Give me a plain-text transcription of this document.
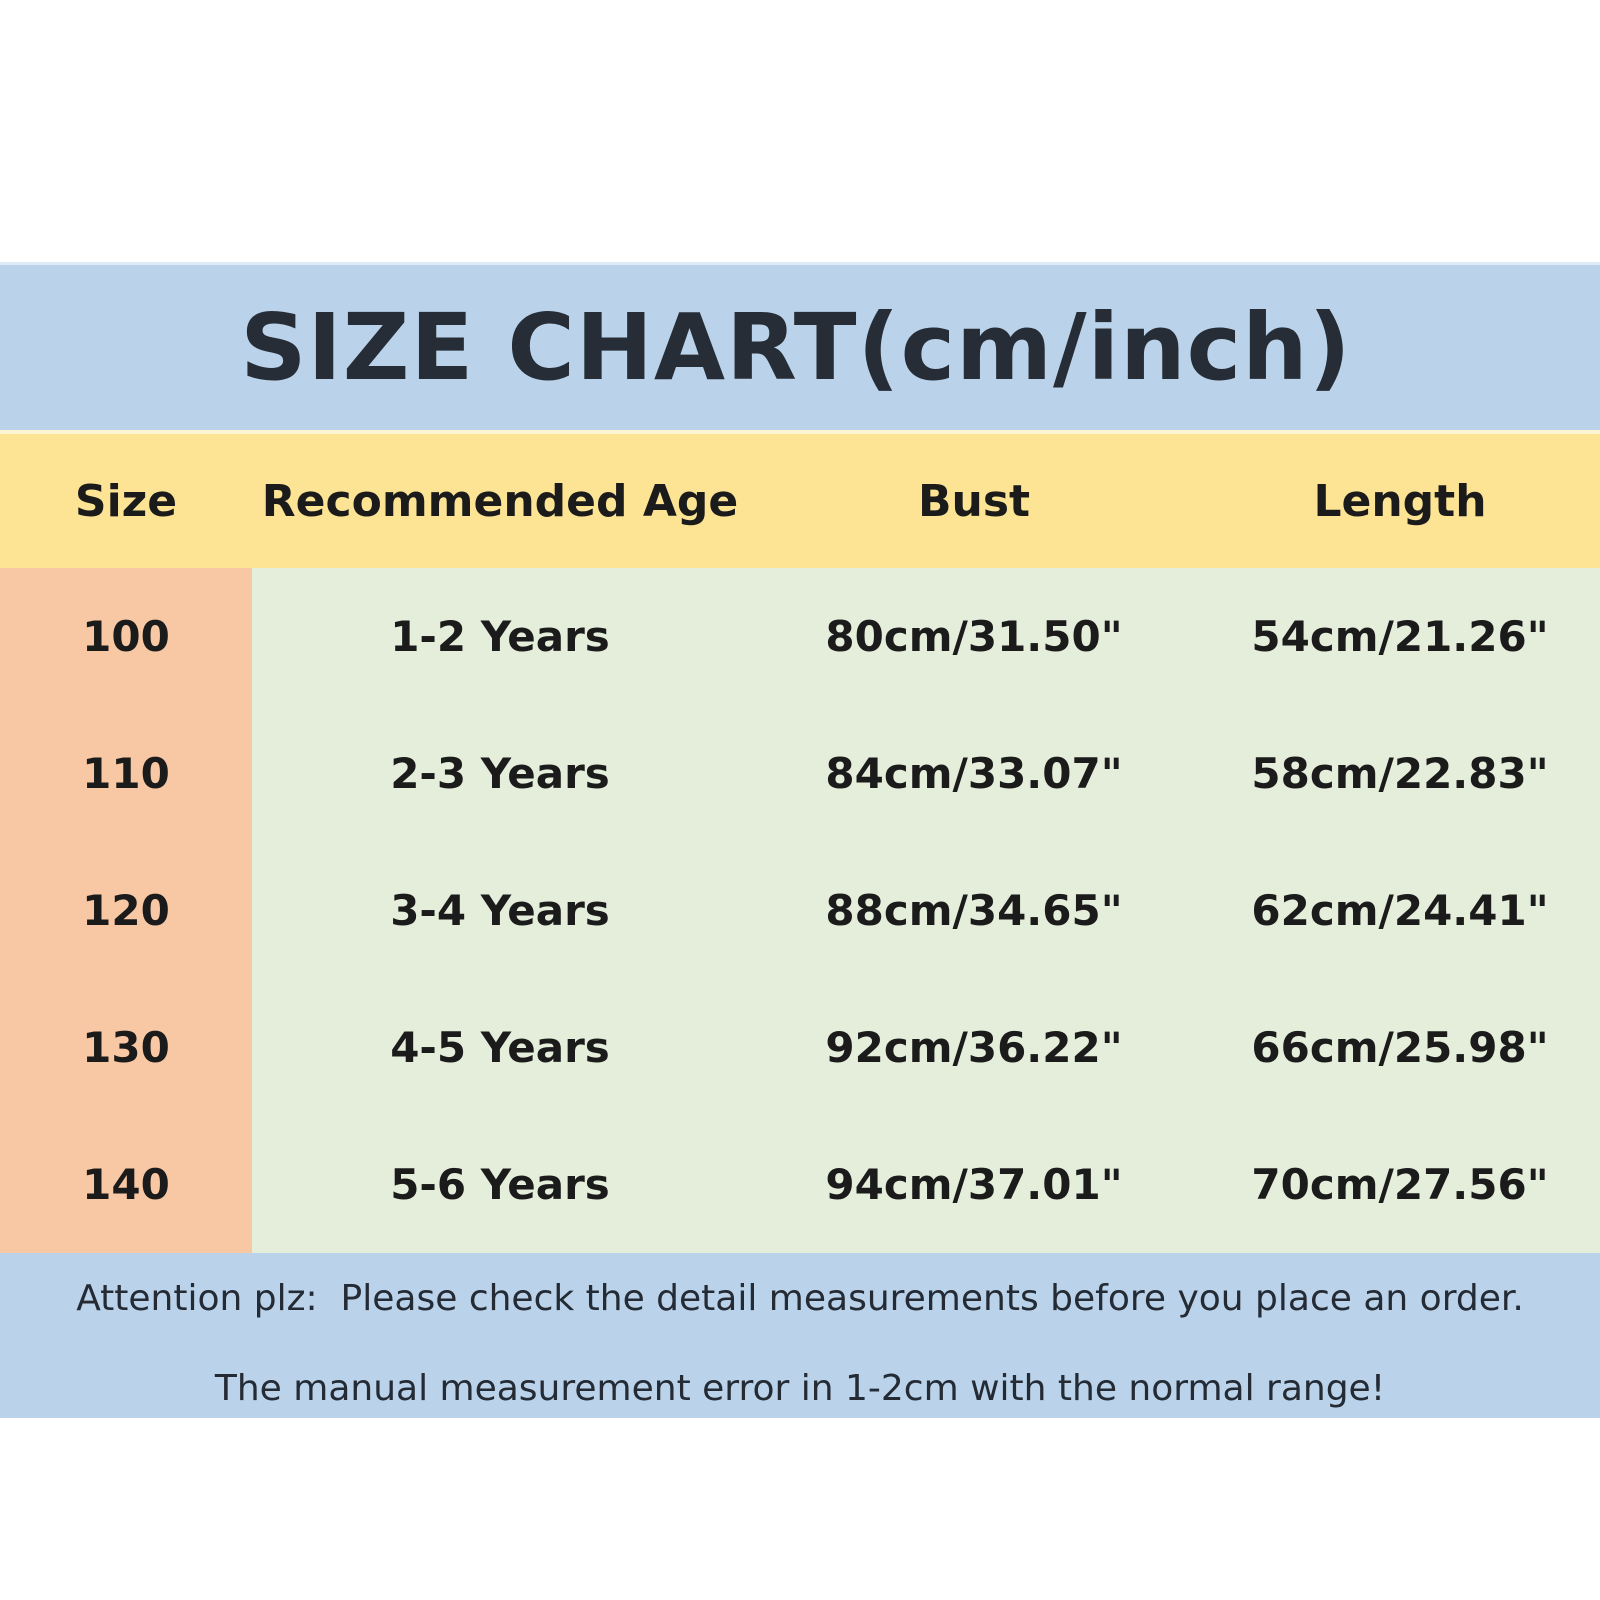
SIZE CHART(cm/inch)
Size	Recommended Age	Bust	Length
100	1-2 Years	80cm/31.50"	54cm/21.26"
110	2-3 Years	84cm/33.07"	58cm/22.83"
120	3-4 Years	88cm/34.65"	62cm/24.41"
130	4-5 Years	92cm/36.22"	66cm/25.98"
140	5-6 Years	94cm/37.01"	70cm/27.56"
Attention plz:  Please check the detail measurements before you place an order.
The manual measurement error in 1-2cm with the normal range!
